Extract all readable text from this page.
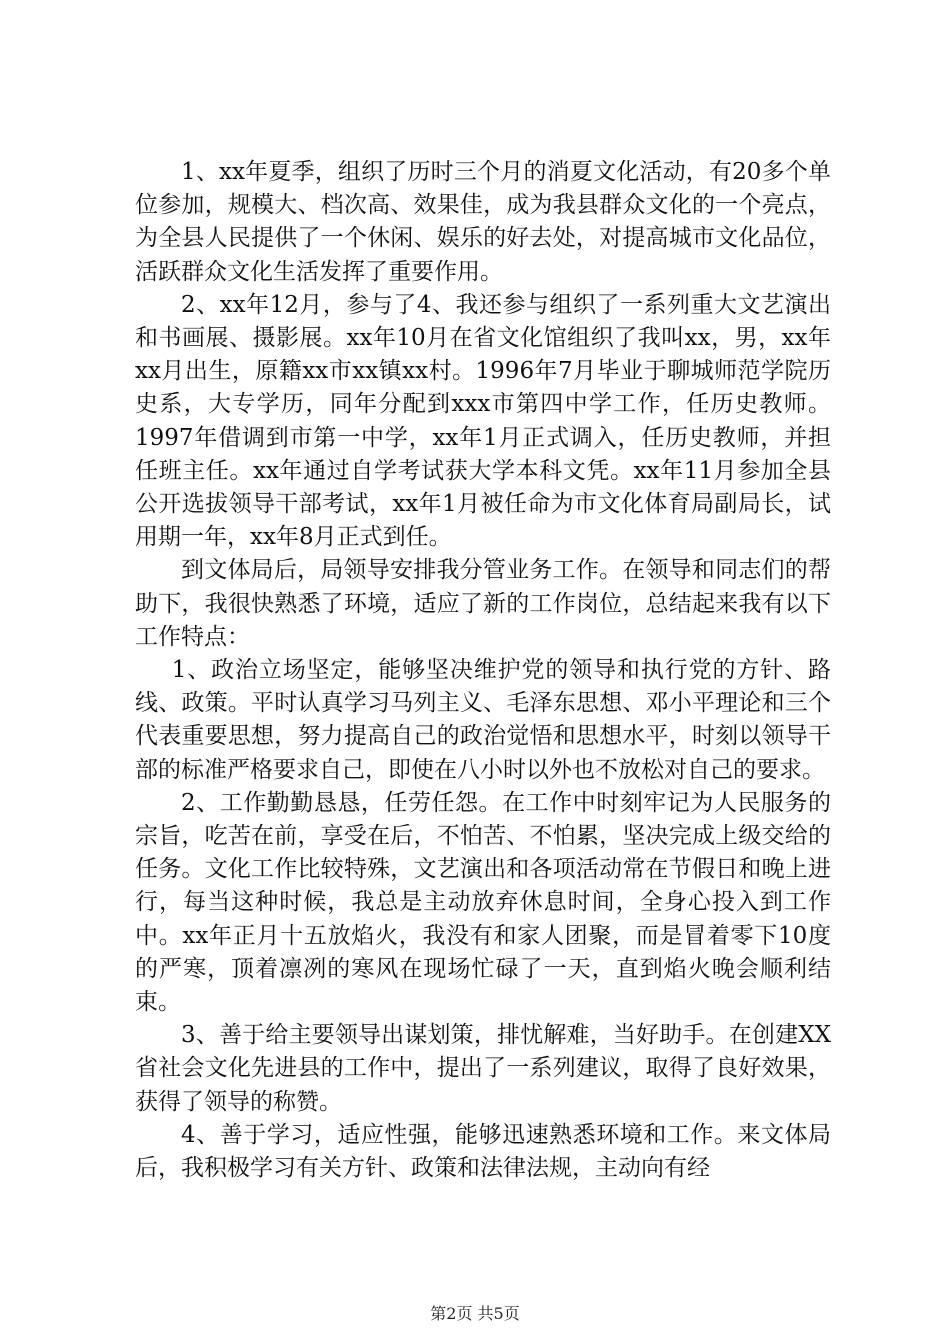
1、xx年夏季，组织了历时三个月的消夏文化活动，有20多个单位参加，规模大、档次高、效果佳，成为我县群众文化的一个亮点，为全县人民提供了一个休闲、娱乐的好去处，对提高城市文化品位，活跃群众文化生活发挥了重要作用。

2、xx年12月，参与了4、我还参与组织了一系列重大文艺演出和书画展、摄影展。xx年10月在省文化馆组织了我叫xx，男，xx年xx月出生，原籍xx市xx镇xx村。1996年7月毕业于聊城师范学院历史系，大专学历，同年分配到xxx市第四中学工作，任历史教师。1997年借调到市第一中学，xx年1月正式调入，任历史教师，并担任班主任。xx年通过自学考试获大学本科文凭。xx年11月参加全县公开选拔领导干部考试，xx年1月被任命为市文化体育局副局长，试用期一年，xx年8月正式到任。

到文体局后，局领导安排我分管业务工作。在领导和同志们的帮助下，我很快熟悉了环境，适应了新的工作岗位，总结起来我有以下工作特点：

1、政治立场坚定，能够坚决维护党的领导和执行党的方针、路线、政策。平时认真学习马列主义、毛泽东思想、邓小平理论和三个代表重要思想，努力提高自己的政治觉悟和思想水平，时刻以领导干部的标准严格要求自己，即使在八小时以外也不放松对自己的要求。

2、工作勤勤恳恳，任劳任怨。在工作中时刻牢记为人民服务的宗旨，吃苦在前，享受在后，不怕苦、不怕累，坚决完成上级交给的任务。文化工作比较特殊，文艺演出和各项活动常在节假日和晚上进行，每当这种时候，我总是主动放弃休息时间，全身心投入到工作中。xx年正月十五放焰火，我没有和家人团聚，而是冒着零下10度的严寒，顶着凛冽的寒风在现场忙碌了一天，直到焰火晚会顺利结束。

3、善于给主要领导出谋划策，排忧解难，当好助手。在创建XX省社会文化先进县的工作中，提出了一系列建议，取得了良好效果，获得了领导的称赞。

4、善于学习，适应性强，能够迅速熟悉环境和工作。来文体局后，我积极学习有关方针、政策和法律法规，主动向有经

第2页 共5页
